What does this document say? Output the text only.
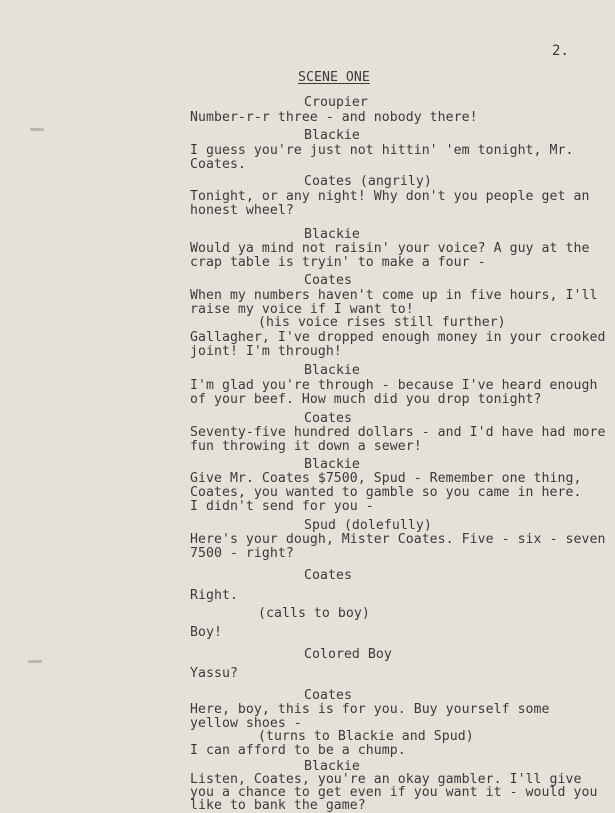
2.
SCENE ONE
Croupier
Number-r-r three - and nobody there!
Blackie
I guess you're just not hittin' 'em tonight, Mr.
Coates.
Coates (angrily)
Tonight, or any night! Why don't you people get an
honest wheel?
Blackie
Would ya mind not raisin' your voice? A guy at the
crap table is tryin' to make a four -
Coates
When my numbers haven't come up in five hours, I'll
raise my voice if I want to!
(his voice rises still further)
Gallagher, I've dropped enough money in your crooked
joint! I'm through!
Blackie
I'm glad you're through - because I've heard enough
of your beef. How much did you drop tonight?
Coates
Seventy-five hundred dollars - and I'd have had more
fun throwing it down a sewer!
Blackie
Give Mr. Coates $7500, Spud - Remember one thing,
Coates, you wanted to gamble so you came in here.
I didn't send for you -
Spud (dolefully)
Here's your dough, Mister Coates. Five - six - seven
7500 - right?
Coates
Right.
(calls to boy)
Boy!
Colored Boy
Yassu?
Coates
Here, boy, this is for you. Buy yourself some
yellow shoes -
(turns to Blackie and Spud)
I can afford to be a chump.
Blackie
Listen, Coates, you're an okay gambler. I'll give
you a chance to get even if you want it - would you
like to bank the game?
